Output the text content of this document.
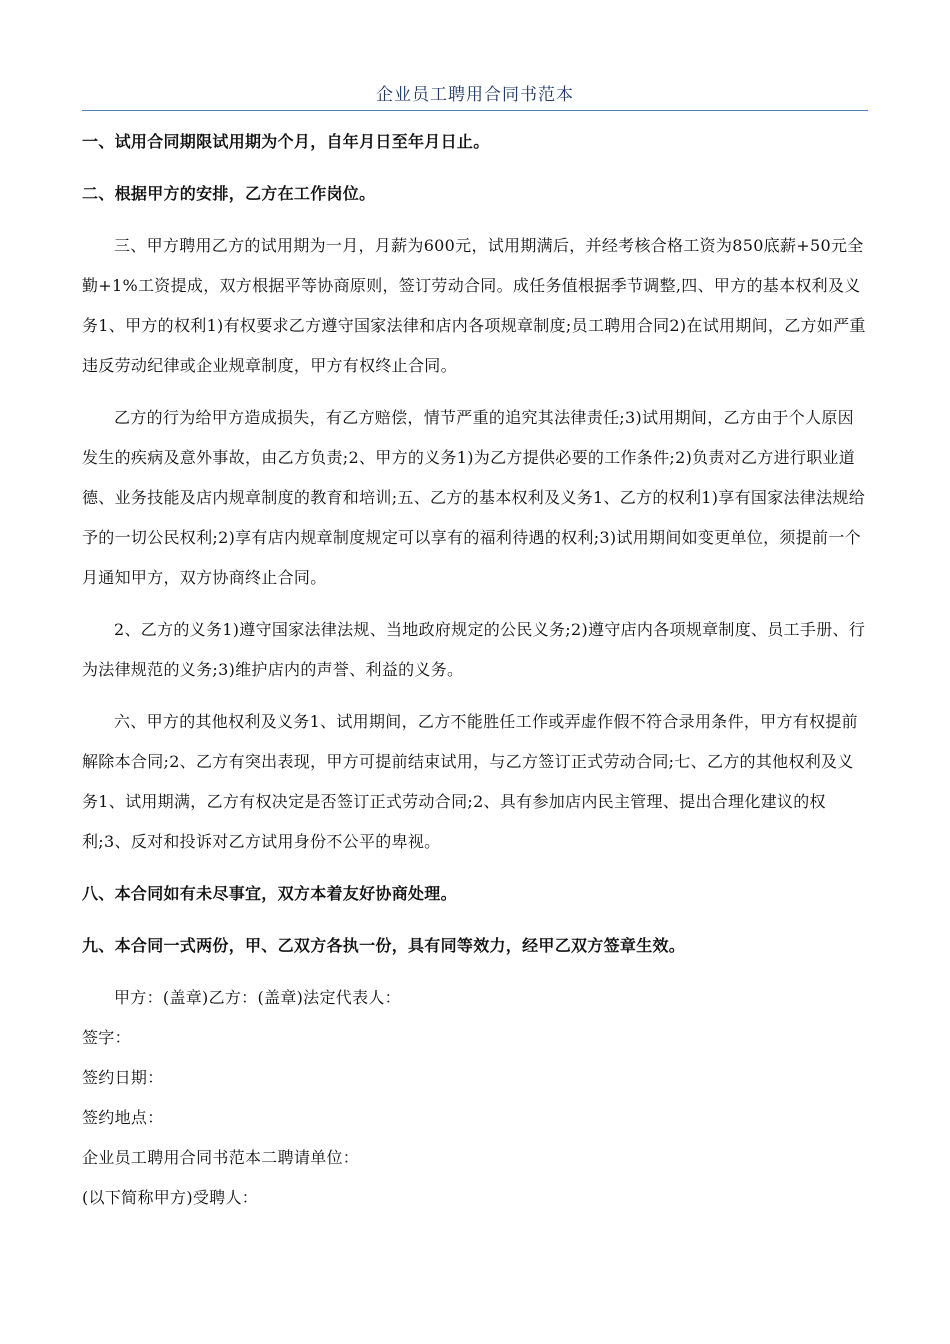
企业员工聘用合同书范本

一、试用合同期限试用期为个月，自年月日至年月日止。

二、根据甲方的安排，乙方在工作岗位。

三、甲方聘用乙方的试用期为一月，月薪为600元，试用期满后，并经考核合格工资为850底薪+50元全勤+1%工资提成，双方根据平等协商原则，签订劳动合同。成任务值根据季节调整,四、甲方的基本权利及义务1、甲方的权利1)有权要求乙方遵守国家法律和店内各项规章制度;员工聘用合同2)在试用期间，乙方如严重违反劳动纪律或企业规章制度，甲方有权终止合同。

乙方的行为给甲方造成损失，有乙方赔偿，情节严重的追究其法律责任;3)试用期间，乙方由于个人原因发生的疾病及意外事故，由乙方负责;2、甲方的义务1)为乙方提供必要的工作条件;2)负责对乙方进行职业道德、业务技能及店内规章制度的教育和培训;五、乙方的基本权利及义务1、乙方的权利1)享有国家法律法规给予的一切公民权利;2)享有店内规章制度规定可以享有的福利待遇的权利;3)试用期间如变更单位，须提前一个月通知甲方，双方协商终止合同。

2、乙方的义务1)遵守国家法律法规、当地政府规定的公民义务;2)遵守店内各项规章制度、员工手册、行为法律规范的义务;3)维护店内的声誉、利益的义务。

六、甲方的其他权利及义务1、试用期间，乙方不能胜任工作或弄虚作假不符合录用条件，甲方有权提前解除本合同;2、乙方有突出表现，甲方可提前结束试用，与乙方签订正式劳动合同;七、乙方的其他权利及义务1、试用期满，乙方有权决定是否签订正式劳动合同;2、具有参加店内民主管理、提出合理化建议的权利;3、反对和投诉对乙方试用身份不公平的卑视。

八、本合同如有未尽事宜，双方本着友好协商处理。

九、本合同一式两份，甲、乙双方各执一份，具有同等效力，经甲乙双方签章生效。

甲方：(盖章)乙方：(盖章)法定代表人：

签字：

签约日期：

签约地点：

企业员工聘用合同书范本二聘请单位：

(以下简称甲方)受聘人：
